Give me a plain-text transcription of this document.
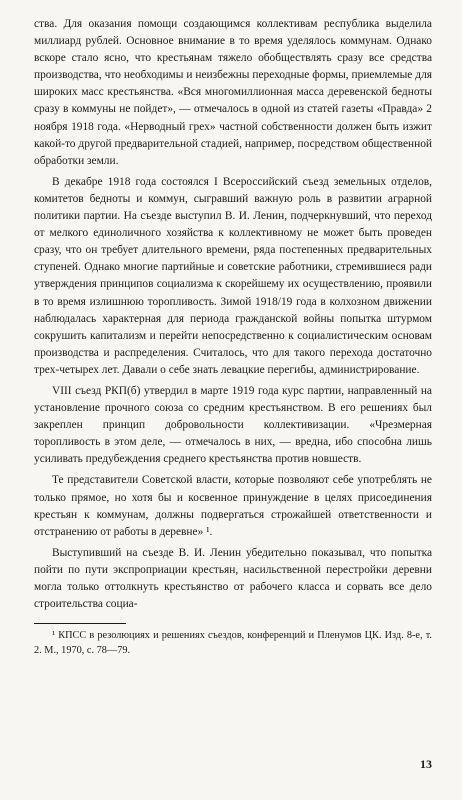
ства. Для оказания помощи создающимся коллективам республика выделила миллиард рублей. Основное внимание в то время уделялось коммунам. Однако вскоре стало ясно, что крестьянам тяжело обобществлять сразу все средства производства, что необходимы и неизбежны переходные формы, приемлемые для широких масс крестьянства. «Вся многомиллионная масса деревенской бедноты сразу в коммуны не пойдет», — отмечалось в одной из статей газеты «Правда» 2 ноября 1918 года. «Нерводный грех» частной собственности должен быть изжит какой-то другой предварительной стадией, например, посредством общественной обработки земли.

В декабре 1918 года состоялся I Всероссийский съезд земельных отделов, комитетов бедноты и коммун, сыгравший важную роль в развитии аграрной политики партии. На съезде выступил В. И. Ленин, подчеркнувший, что переход от мелкого единоличного хозяйства к коллективному не может быть проведен сразу, что он требует длительного времени, ряда постепенных предварительных ступеней. Однако многие партийные и советские работники, стремившиеся ради утверждения принципов социализма к скорейшему их осуществлению, проявили в то время излишнюю торопливость. Зимой 1918/19 года в колхозном движении наблюдалась характерная для периода гражданской войны попытка штурмом сокрушить капитализм и перейти непосредственно к социалистическим основам производства и распределения. Считалось, что для такого перехода достаточно трех-четырех лет. Давали о себе знать левацкие перегибы, администрирование.

VIII съезд РКП(б) утвердил в марте 1919 года курс партии, направленный на установление прочного союза со средним крестьянством. В его решениях был закреплен принцип добровольности коллективизации. «Чрезмерная торопливость в этом деле, — отмечалось в них, — вредна, ибо способна лишь усиливать предубеждения среднего крестьянства против новшеств.

Те представители Советской власти, которые позволяют себе употреблять не только прямое, но хотя бы и косвенное принуждение в целях присоединения крестьян к коммунам, должны подвергаться строжайшей ответственности и отстранению от работы в деревне» ¹.

Выступивший на съезде В. И. Ленин убедительно показывал, что попытка пойти по пути экспроприации крестьян, насильственной перестройки деревни могла только оттолкнуть крестьянство от рабочего класса и сорвать все дело строительства социа-

¹ КПСС в резолюциях и решениях съездов, конференций и Пленумов ЦК. Изд. 8-е, т. 2. М., 1970, с. 78—79.

13
